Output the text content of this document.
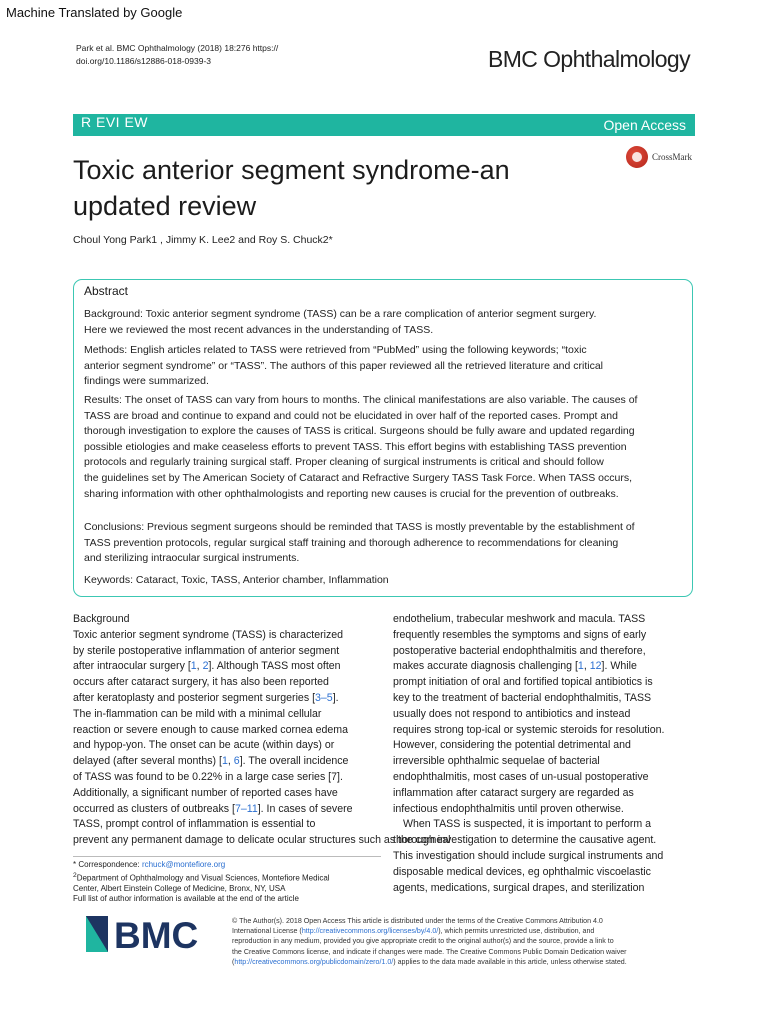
Machine Translated by Google
Park et al. BMC Ophthalmology (2018) 18:276 https://
doi.org/10.1186/s12886-018-0939-3	BMC Ophthalmology
R EVI EW	Open Access
Toxic anterior segment syndrome-an
updated review
CrossMark
Choul Yong Park1 , Jimmy K. Lee2 and Roy S. Chuck2*
Abstract
Background: Toxic anterior segment syndrome (TASS) can be a rare complication of anterior segment surgery.
Here we reviewed the most recent advances in the understanding of TASS.
Methods: English articles related to TASS were retrieved from “PubMed” using the following keywords; “toxic
anterior segment syndrome” or “TASS”. The authors of this paper reviewed all the retrieved literature and critical
findings were summarized.
Results: The onset of TASS can vary from hours to months. The clinical manifestations are also variable. The causes of
TASS are broad and continue to expand and could not be elucidated in over half of the reported cases. Prompt and
thorough investigation to explore the causes of TASS is critical. Surgeons should be fully aware and updated regarding
possible etiologies and make ceaseless efforts to prevent TASS. This effort begins with establishing TASS prevention
protocols and regularly training surgical staff. Proper cleaning of surgical instruments is critical and should follow
the guidelines set by The American Society of Cataract and Refractive Surgery TASS Task Force. When TASS occurs,
sharing information with other ophthalmologists and reporting new causes is crucial for the prevention of outbreaks.
Conclusions: Previous segment surgeons should be reminded that TASS is mostly preventable by the establishment of
TASS prevention protocols, regular surgical staff training and thorough adherence to recommendations for cleaning
and sterilizing intraocular surgical instruments.
Keywords: Cataract, Toxic, TASS, Anterior chamber, Inflammation
Background
Toxic anterior segment syndrome (TASS) is characterized
by sterile postoperative inflammation of anterior segment
after intraocular surgery [1, 2]. Although TASS most often
occurs after cataract surgery, it has also been reported
after keratoplasty and posterior segment surgeries [3–5].
The in-flammation can be mild with a minimal cellular
reaction or severe enough to cause marked cornea edema
and hypop-yon. The onset can be acute (within days) or
delayed (after several months) [1, 6]. The overall incidence
of TASS was found to be 0.22% in a large case series [7].
Additionally, a significant number of reported cases have
occurred as clusters of outbreaks [7–11]. In cases of severe
TASS, prompt control of inflammation is essential to
prevent any permanent damage to delicate ocular structures such as the corneal
endothelium, trabecular meshwork and macula. TASS
frequently resembles the symptoms and signs of early
postoperative bacterial endophthalmitis and therefore,
makes accurate diagnosis challenging [1, 12]. While
prompt initiation of oral and fortified topical antibiotics is
key to the treatment of bacterial endophthalmitis, TASS
usually does not respond to antibiotics and instead
requires strong top-ical or systemic steroids for resolution.
However, considering the potential detrimental and
irreversible ophthalmic sequelae of bacterial
endophthalmitis, most cases of un-usual postoperative
inflammation after cataract surgery are regarded as
infectious endophthalmitis until proven otherwise.
When TASS is suspected, it is important to perform a
thorough investigation to determine the causative agent.
This investigation should include surgical instruments and
disposable medical devices, eg ophthalmic viscoelastic
agents, medications, surgical drapes, and sterilization
* Correspondence: rchuck@montefiore.org
$^2$Department of Ophthalmology and Visual Sciences, Montefiore Medical
Center, Albert Einstein College of Medicine, Bronx, NY, USA
Full list of author information is available at the end of the article
BMC	© The Author(s). 2018 Open Access This article is distributed under the terms of the Creative Commons Attribution 4.0
International License (http://creativecommons.org/licenses/by/4.0/), which permits unrestricted use, distribution, and
reproduction in any medium, provided you give appropriate credit to the original author(s) and the source, provide a link to
the Creative Commons license, and indicate if changes were made. The Creative Commons Public Domain Dedication waiver
(http://creativecommons.org/publicdomain/zero/1.0/) applies to the data made available in this article, unless otherwise stated.
